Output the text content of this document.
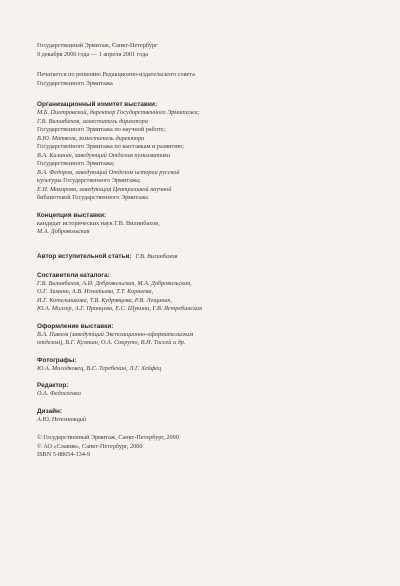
Государственный Эрмитаж, Санкт-Петербург
9 декабря 2000 года — 1 апреля 2001 года
Печатается по решению Редакционно-издательского совета
Государственного Эрмитажа
Организационный комитет выставки:
М.Б. Пиотровский, директор Государственного Эрмитажа;
Г.В. Вилинбахов, заместитель директора
Государственного Эрмитажа по научной работе;
В.Ю. Матвеев, заместитель директора
Государственного Эрмитажа по выставкам и развитию;
В.А. Калинин, заведующий Отделом нумизматики
Государственного Эрмитажа;
В.А. Федоров, заведующий Отделом истории русской
культуры Государственного Эрмитажа;
Е.Н. Макарова, заведующая Центральной научной
библиотекой Государственного Эрмитажа
Концепция выставки:
кандидат исторических наук Г.В. Вилинбахов,
М.А. Добровольская
Автор вступительной статьи: Г.В. Вилинбахов
Составители каталога:
Г.В. Вилинбахов, А.И. Добровольская, М.А. Добровольская,
О.Г. Зимина, А.В. Игнатьева, Т.Т. Корнеева,
И.Г. Котельникова, Т.В. Кудрявцева, Р.В. Лещинин,
Ю.А. Миллер, А.Г. Принцева, Е.С. Щукина, Г.В. Ястребинская
Оформление выставки:
В.А. Павлов (заведующий Экспозиционно-оформительским
отделом), В.Г. Кузякин, О.А. Сокруто, В.Н. Тоссей и др.
Фотографы:
Ю.А. Молодковец, В.С. Теребенин, Л.Г. Хейфец
Редактор:
О.А. Федосеенко
Дизайн:
А.Ю. Непомнящий
© Государственный Эрмитаж, Санкт-Петербург, 2000
© АО «Славия», Санкт-Петербург, 2000
ISBN 5-88654-134-9
